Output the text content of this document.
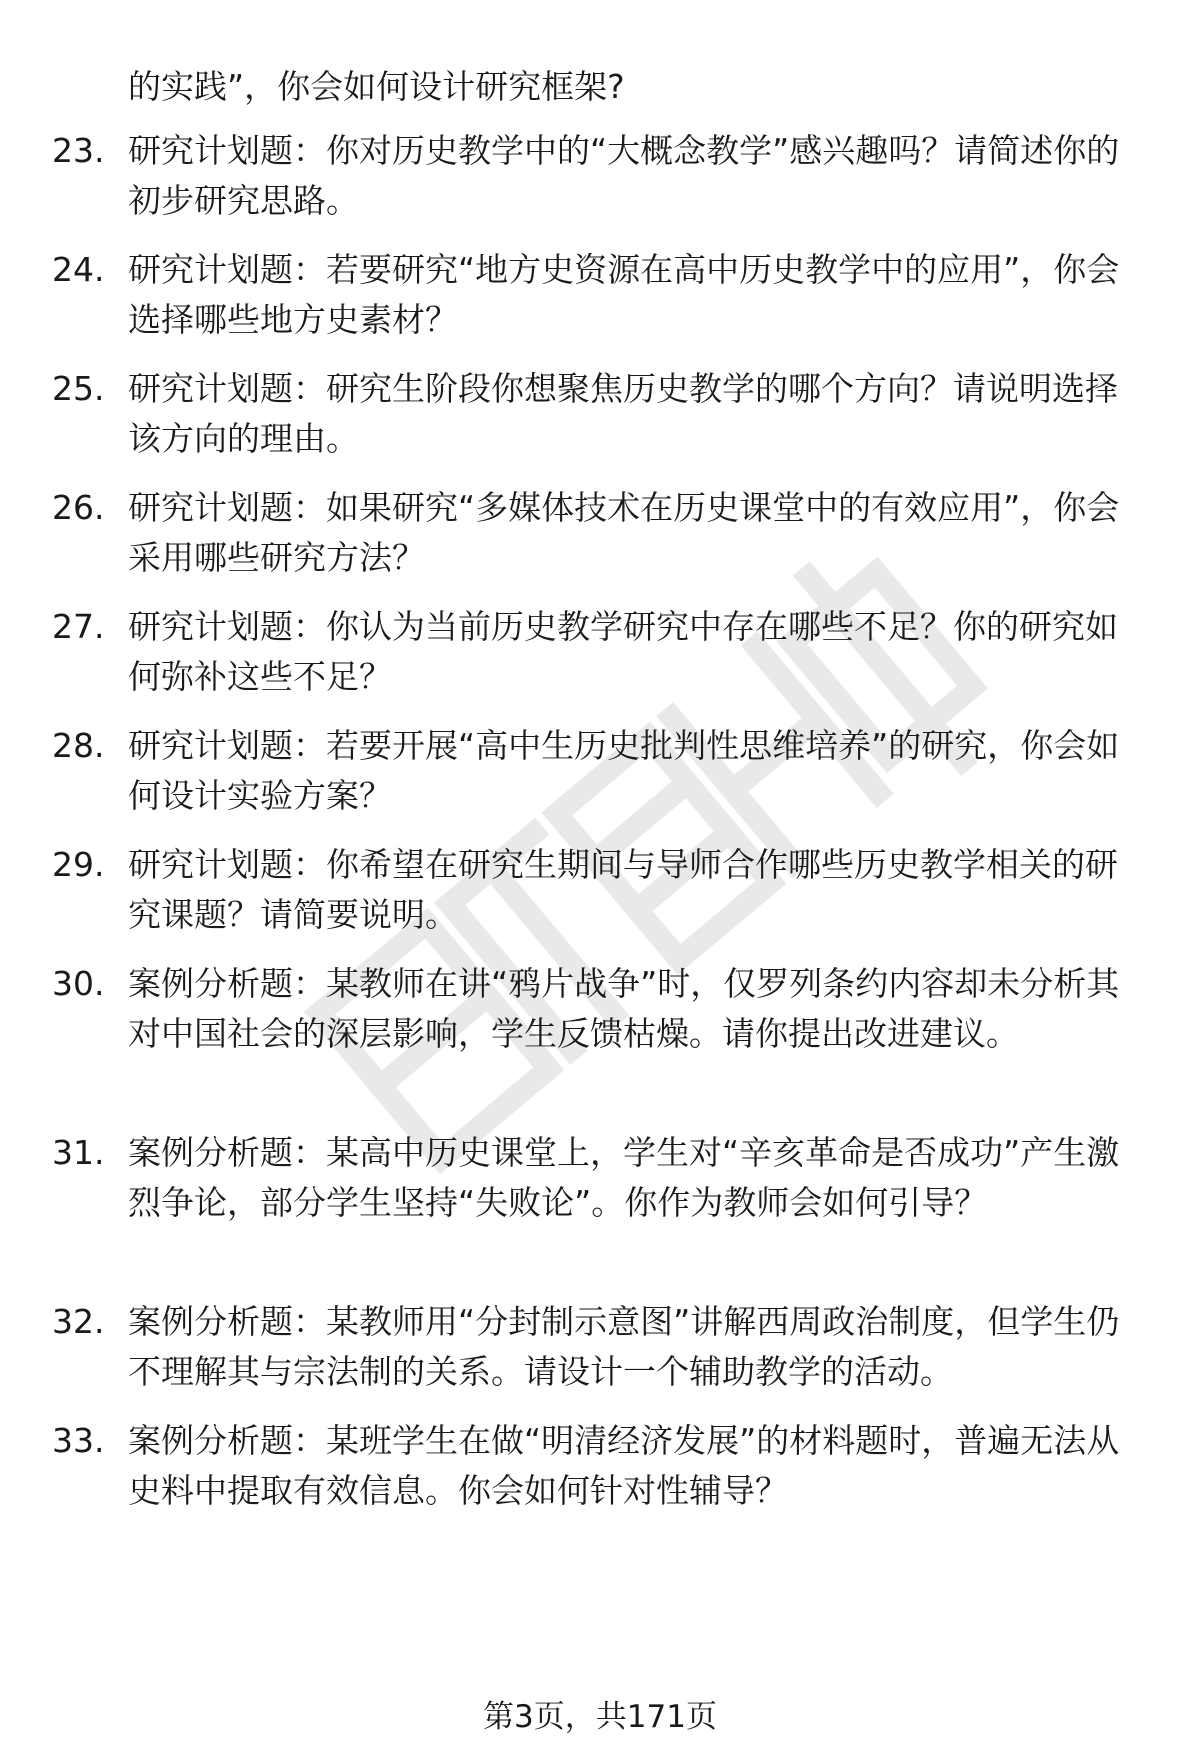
的实践”，你会如何设计研究框架?
23. 研究计划题：你对历史教学中的“大概念教学”感兴趣吗？请简述你的初步研究思路。
24. 研究计划题：若要研究“地方史资源在高中历史教学中的应用”，你会选择哪些地方史素材？
25. 研究计划题：研究生阶段你想聚焦历史教学的哪个方向？请说明选择该方向的理由。
26. 研究计划题：如果研究“多媒体技术在历史课堂中的有效应用”，你会采用哪些研究方法？
27. 研究计划题：你认为当前历史教学研究中存在哪些不足？你的研究如何弥补这些不足？
28. 研究计划题：若要开展“高中生历史批判性思维培养”的研究，你会如何设计实验方案？
29. 研究计划题：你希望在研究生期间与导师合作哪些历史教学相关的研究课题？请简要说明。
30. 案例分析题：某教师在讲“鸦片战争”时，仅罗列条约内容却未分析其对中国社会的深层影响，学生反馈枯燥。请你提出改进建议。
31. 案例分析题：某高中历史课堂上，学生对“辛亥革命是否成功”产生激烈争论，部分学生坚持“失败论”。你作为教师会如何引导？
32. 案例分析题：某教师用“分封制示意图”讲解西周政治制度，但学生仍不理解其与宗法制的关系。请设计一个辅助教学的活动。
33. 案例分析题：某班学生在做“明清经济发展”的材料题时，普遍无法从史料中提取有效信息。你会如何针对性辅导？
第3页，共171页
